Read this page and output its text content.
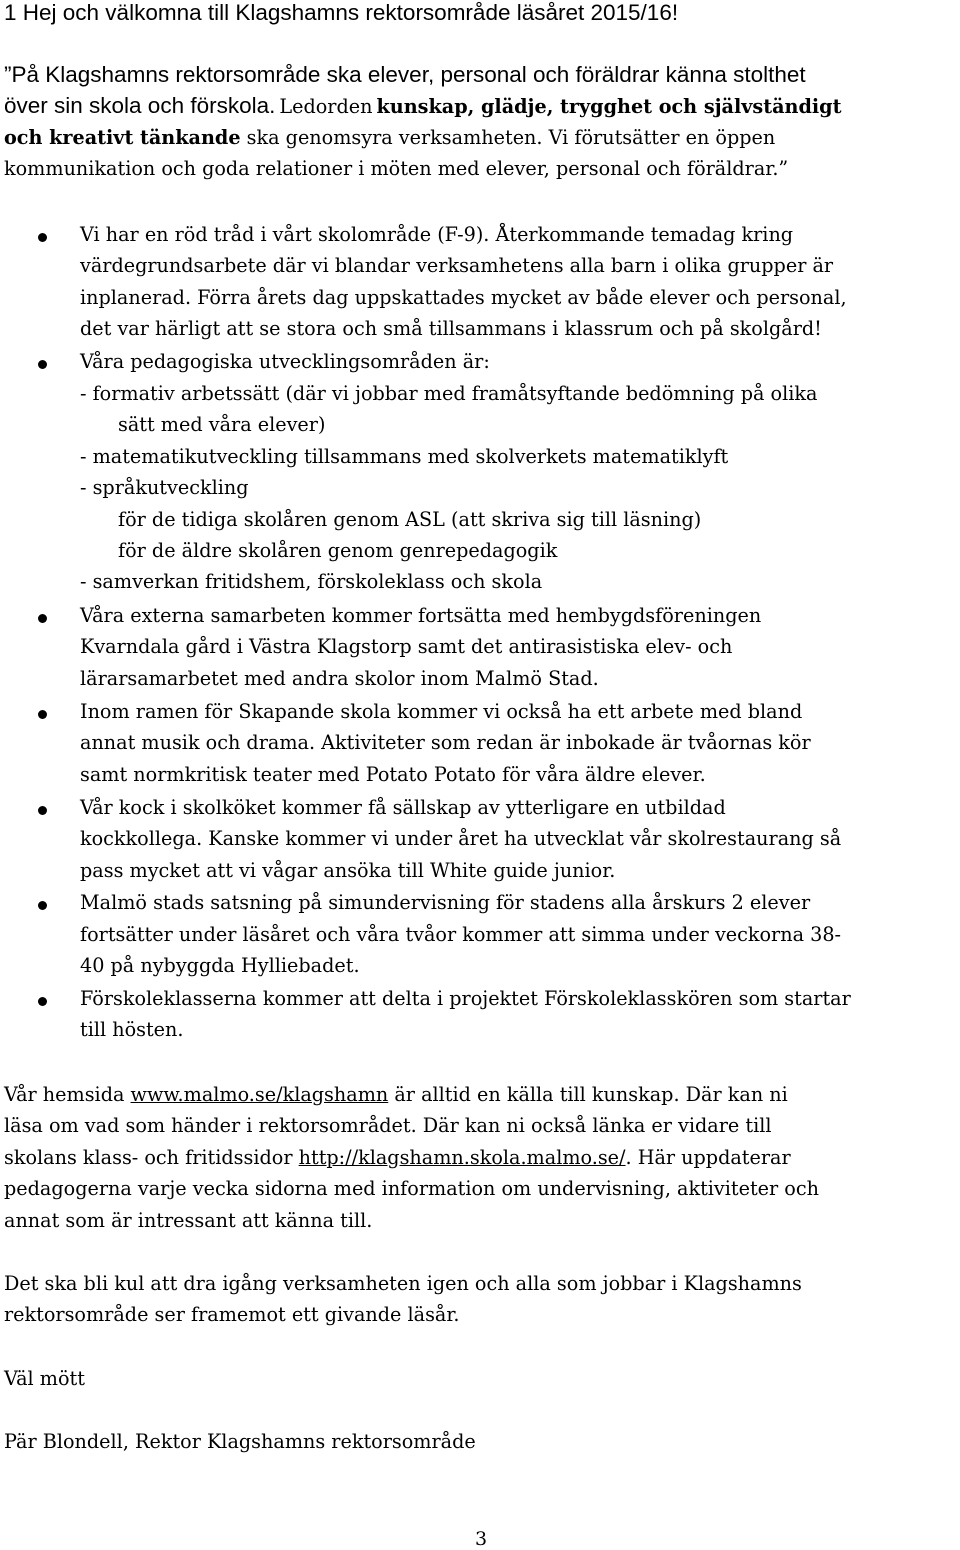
1 Hej och välkomna till Klagshamns rektorsområde läsåret 2015/16!
”På Klagshamns rektorsområde ska elever, personal och föräldrar känna stolthet
över sin skola och förskola. Ledorden kunskap, glädje, trygghet och självständigt
och kreativt tänkande ska genomsyra verksamheten. Vi förutsätter en öppen
kommunikation och goda relationer i möten med elever, personal och föräldrar.”
Vi har en röd tråd i vårt skolområde (F-9). Återkommande temadag kring
värdegrundsarbete där vi blandar verksamhetens alla barn i olika grupper är
inplanerad. Förra årets dag uppskattades mycket av både elever och personal,
det var härligt att se stora och små tillsammans i klassrum och på skolgård!
Våra pedagogiska utvecklingsområden är:
- formativ arbetssätt (där vi jobbar med framåtsyftande bedömning på olika
sätt med våra elever)
- matematikutveckling tillsammans med skolverkets matematiklyft
- språkutveckling
för de tidiga skolåren genom ASL (att skriva sig till läsning)
för de äldre skolåren genom genrepedagogik
- samverkan fritidshem, förskoleklass och skola
Våra externa samarbeten kommer fortsätta med hembygdsföreningen
Kvarndala gård i Västra Klagstorp samt det antirasistiska elev- och
lärarsamarbetet med andra skolor inom Malmö Stad.
Inom ramen för Skapande skola kommer vi också ha ett arbete med bland
annat musik och drama. Aktiviteter som redan är inbokade är tvåornas kör
samt normkritisk teater med Potato Potato för våra äldre elever.
Vår kock i skolköket kommer få sällskap av ytterligare en utbildad
kockkollega. Kanske kommer vi under året ha utvecklat vår skolrestaurang så
pass mycket att vi vågar ansöka till White guide junior.
Malmö stads satsning på simundervisning för stadens alla årskurs 2 elever
fortsätter under läsåret och våra tvåor kommer att simma under veckorna 38-
40 på nybyggda Hylliebadet.
Förskoleklasserna kommer att delta i projektet Förskoleklasskören som startar
till hösten.
Vår hemsida www.malmo.se/klagshamn är alltid en källa till kunskap. Där kan ni
läsa om vad som händer i rektorsområdet. Där kan ni också länka er vidare till
skolans klass- och fritidssidor http://klagshamn.skola.malmo.se/. Här uppdaterar
pedagogerna varje vecka sidorna med information om undervisning, aktiviteter och
annat som är intressant att känna till.
Det ska bli kul att dra igång verksamheten igen och alla som jobbar i Klagshamns
rektorsområde ser framemot ett givande läsår.
Väl mött
Pär Blondell, Rektor Klagshamns rektorsområde
3
